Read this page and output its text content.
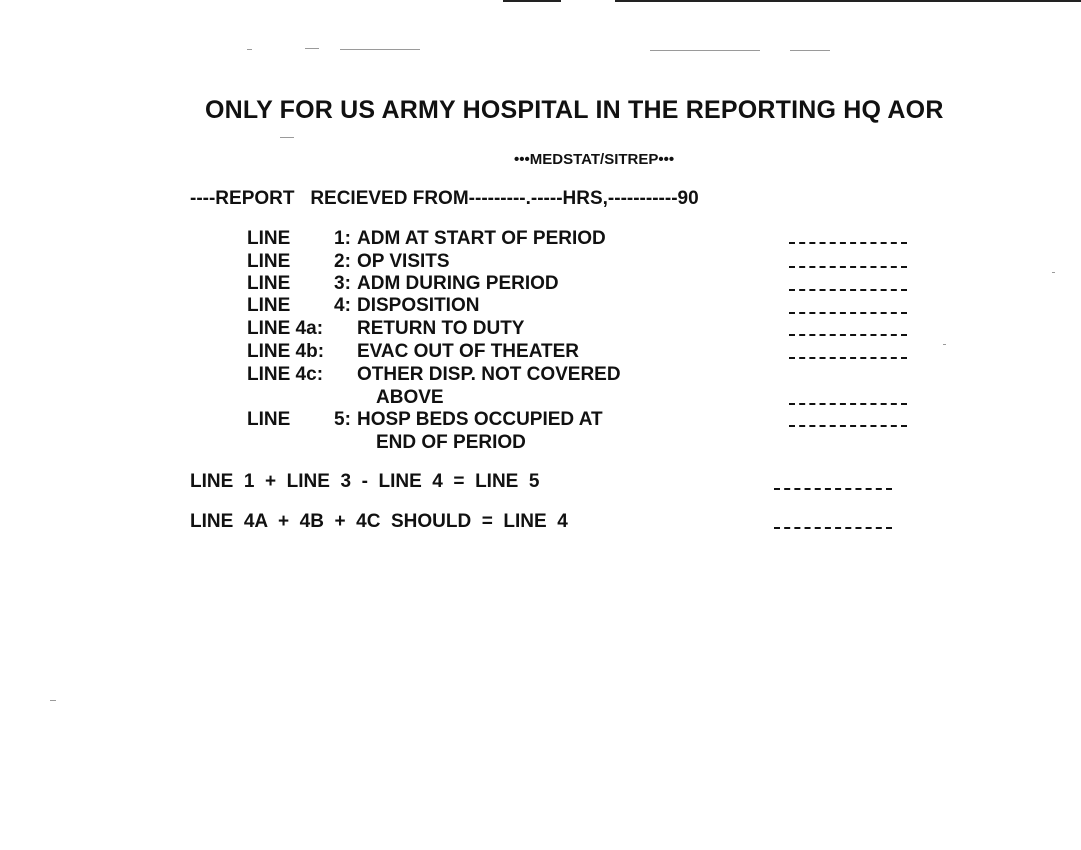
ONLY FOR US ARMY HOSPITAL IN THE REPORTING HQ AOR
•••MEDSTAT/SITREP•••
----REPORT   RECIEVED FROM---------.-----HRS,-----------90
LINE 1: ADM AT START OF PERIOD
LINE 2: OP VISITS
LINE 3: ADM DURING PERIOD
LINE 4: DISPOSITION
LINE 4a: RETURN TO DUTY
LINE 4b: EVAC OUT OF THEATER
LINE 4c: OTHER DISP. NOT COVERED
ABOVE
LINE 5: HOSP BEDS OCCUPIED AT
END OF PERIOD
LINE  1  +  LINE  3  -  LINE  4  =  LINE  5
LINE  4A  +  4B  +  4C  SHOULD  =  LINE  4
